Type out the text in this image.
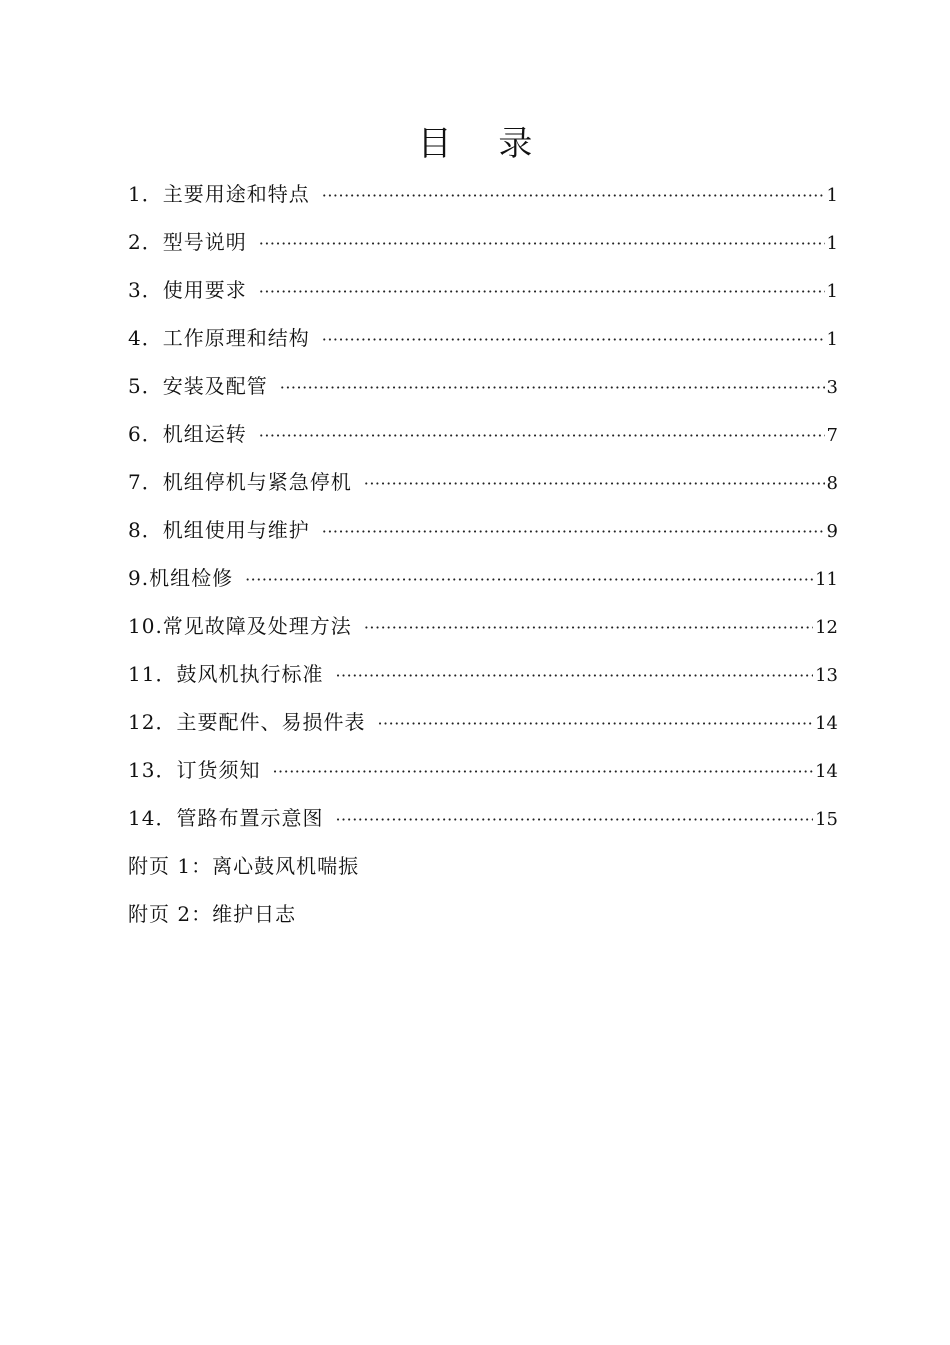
目 录
1．主要用途和特点 ·····	1
2．型号说明 ·····	1
3．使用要求 ·····	1
4．工作原理和结构 ·····	1
5．安装及配管 ·····	3
6．机组运转 ·····	7
7．机组停机与紧急停机 ·····	8
8．机组使用与维护 ·····	9
9.机组检修 ·····	11
10.常见故障及处理方法 ·····	12
11．鼓风机执行标准 ·····	13
12．主要配件、易损件表 ·····	14
13．订货须知 ·····	14
14．管路布置示意图 ·····	15
附页 1：离心鼓风机喘振
附页 2：维护日志
